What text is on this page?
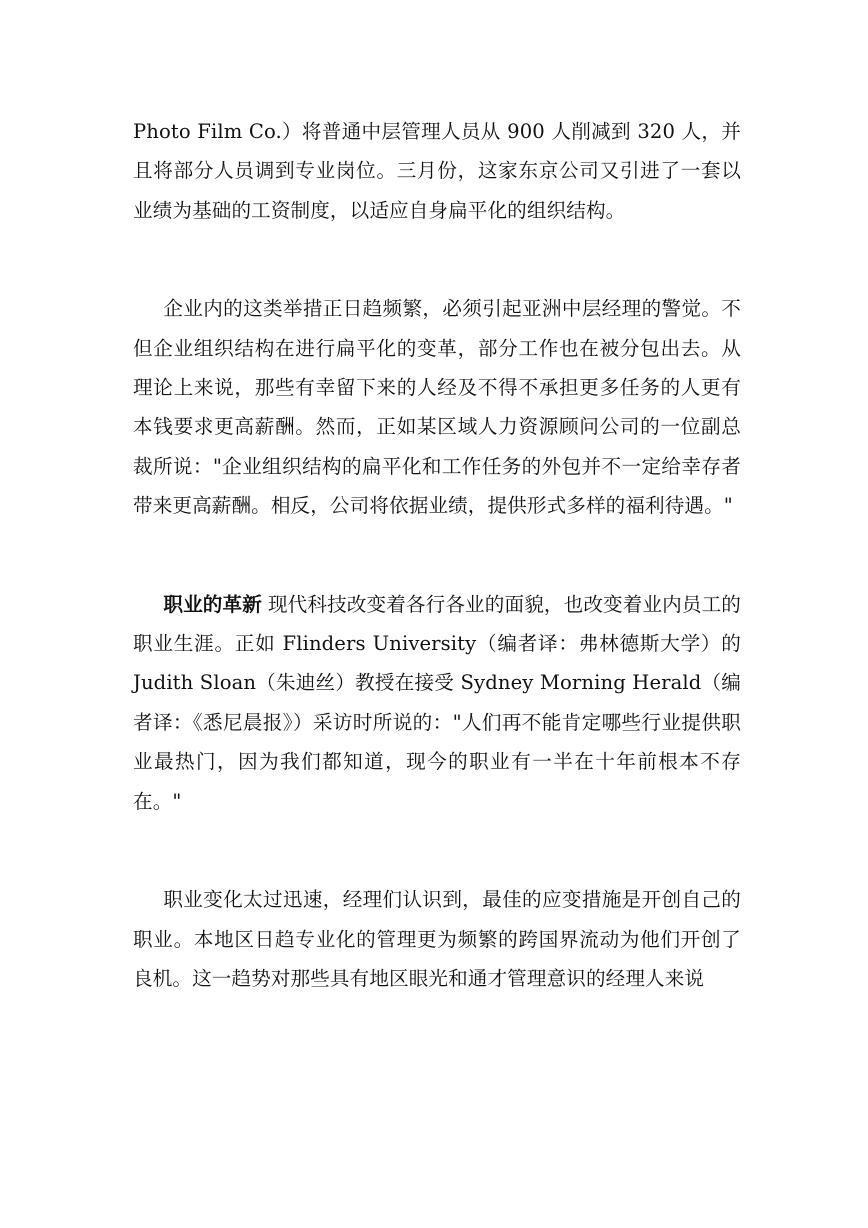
Photo Film Co.）将普通中层管理人员从 900 人削减到 320 人，并且将部分人员调到专业岗位。三月份，这家东京公司又引进了一套以业绩为基础的工资制度，以适应自身扁平化的组织结构。

企业内的这类举措正日趋频繁，必须引起亚洲中层经理的警觉。不但企业组织结构在进行扁平化的变革，部分工作也在被分包出去。从理论上来说，那些有幸留下来的人经及不得不承担更多任务的人更有本钱要求更高薪酬。然而，正如某区域人力资源顾问公司的一位副总裁所说："企业组织结构的扁平化和工作任务的外包并不一定给幸存者带来更高薪酬。相反，公司将依据业绩，提供形式多样的福利待遇。"

职业的革新 现代科技改变着各行各业的面貌，也改变着业内员工的职业生涯。正如 Flinders University（编者译：弗林德斯大学）的 Judith Sloan（朱迪丝）教授在接受 Sydney Morning Herald（编者译：《悉尼晨报》）采访时所说的："人们再不能肯定哪些行业提供职业最热门，因为我们都知道，现今的职业有一半在十年前根本不存在。"

职业变化太过迅速，经理们认识到，最佳的应变措施是开创自己的职业。本地区日趋专业化的管理更为频繁的跨国界流动为他们开创了良机。这一趋势对那些具有地区眼光和通才管理意识的经理人来说
